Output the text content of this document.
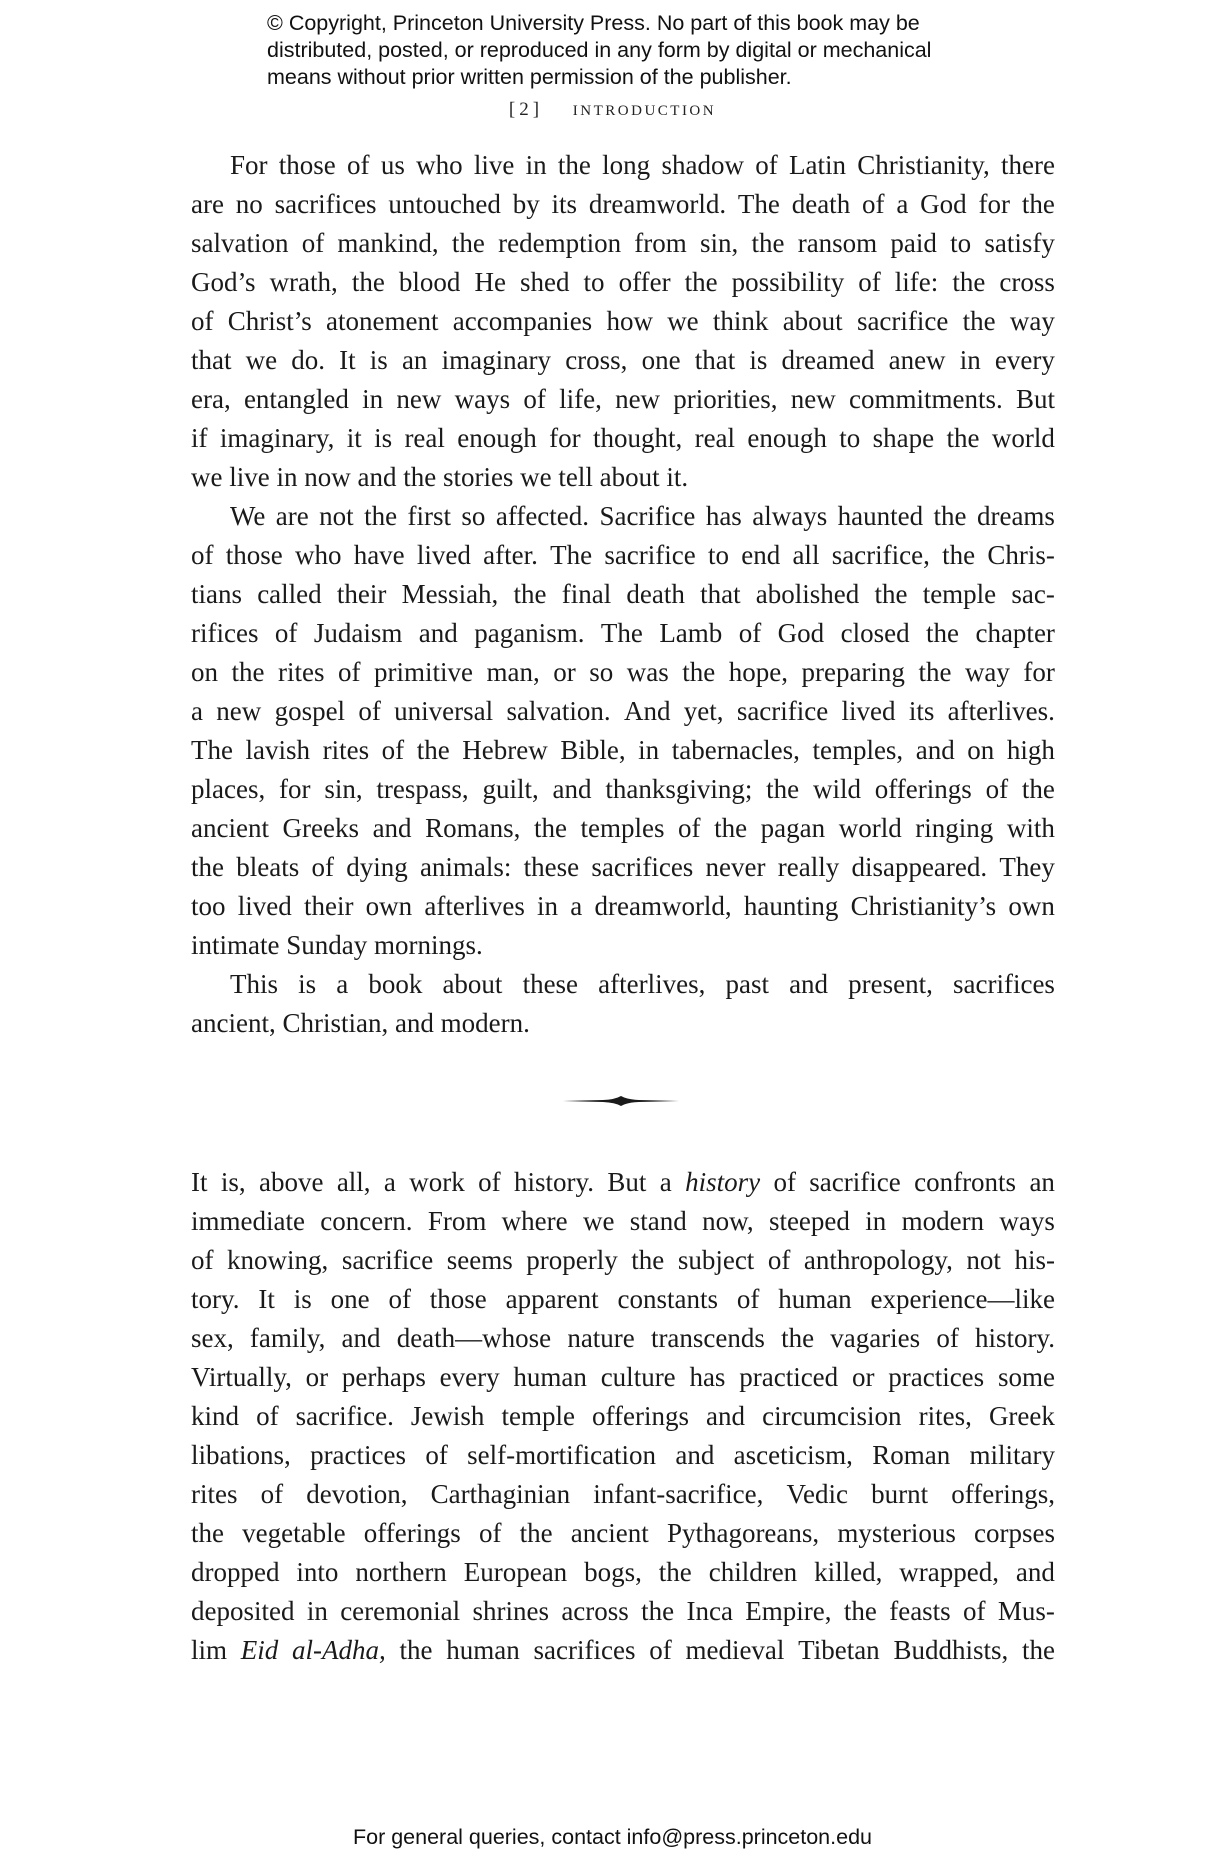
© Copyright, Princeton University Press. No part of this book may be
distributed, posted, or reproduced in any form by digital or mechanical
means without prior written permission of the publisher.
[2] introduction
For those of us who live in the long shadow of Latin Christianity, there
are no sacrifices untouched by its dreamworld. The death of a God for the
salvation of mankind, the redemption from sin, the ransom paid to satisfy
God’s wrath, the blood He shed to offer the possibility of life: the cross
of Christ’s atonement accompanies how we think about sacrifice the way
that we do. It is an imaginary cross, one that is dreamed anew in every
era, entangled in new ways of life, new priorities, new commitments. But
if imaginary, it is real enough for thought, real enough to shape the world
we live in now and the stories we tell about it.
We are not the first so affected. Sacrifice has always haunted the dreams
of those who have lived after. The sacrifice to end all sacrifice, the Chris-
tians called their Messiah, the final death that abolished the temple sac-
rifices of Judaism and paganism. The Lamb of God closed the chapter
on the rites of primitive man, or so was the hope, preparing the way for
a new gospel of universal salvation. And yet, sacrifice lived its afterlives.
The lavish rites of the Hebrew Bible, in tabernacles, temples, and on high
places, for sin, trespass, guilt, and thanksgiving; the wild offerings of the
ancient Greeks and Romans, the temples of the pagan world ringing with
the bleats of dying animals: these sacrifices never really disappeared. They
too lived their own afterlives in a dreamworld, haunting Christianity’s own
intimate Sunday mornings.
This is a book about these afterlives, past and present, sacrifices
ancient, Christian, and modern.
It is, above all, a work of history. But a history of sacrifice confronts an
immediate concern. From where we stand now, steeped in modern ways
of knowing, sacrifice seems properly the subject of anthropology, not his-
tory. It is one of those apparent constants of human experience—like
sex, family, and death—whose nature transcends the vagaries of history.
Virtually, or perhaps every human culture has practiced or practices some
kind of sacrifice. Jewish temple offerings and circumcision rites, Greek
libations, practices of self-mortification and asceticism, Roman military
rites of devotion, Carthaginian infant-sacrifice, Vedic burnt offerings,
the vegetable offerings of the ancient Pythagoreans, mysterious corpses
dropped into northern European bogs, the children killed, wrapped, and
deposited in ceremonial shrines across the Inca Empire, the feasts of Mus-
lim Eid al-Adha, the human sacrifices of medieval Tibetan Buddhists, the
For general queries, contact info@press.princeton.edu
